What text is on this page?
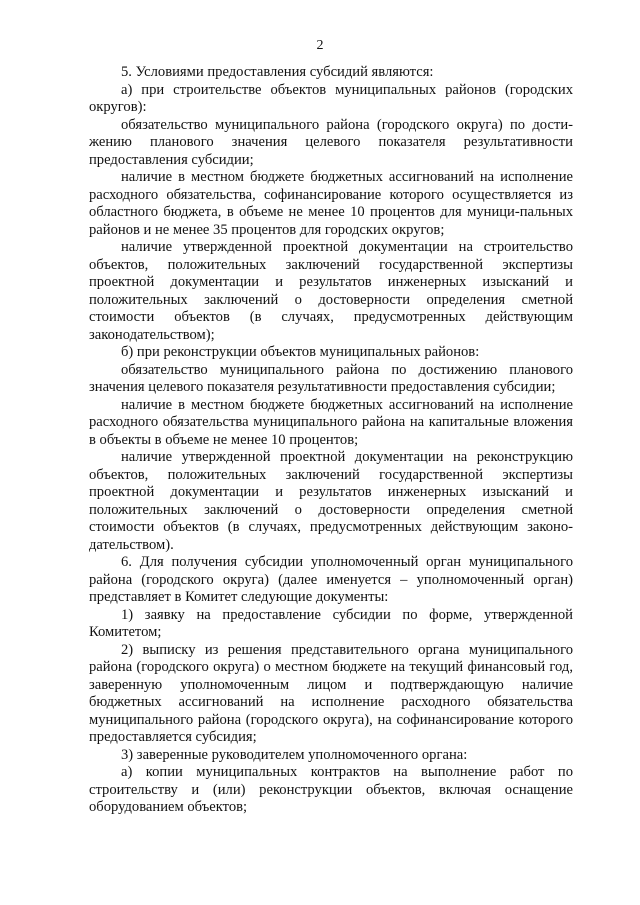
2

5. Условиями предоставления субсидий являются:

а) при строительстве объектов муниципальных районов (городских округов):

обязательство муниципального района (городского округа) по дости-жению планового значения целевого показателя результативности предоставления субсидии;

наличие в местном бюджете бюджетных ассигнований на исполнение расходного обязательства, софинансирование которого осуществляется из областного бюджета, в объеме не менее 10 процентов для муници-пальных районов и не менее 35 процентов для городских округов;

наличие утвержденной проектной документации на строительство объектов, положительных заключений государственной экспертизы проектной документации и результатов инженерных изысканий и положительных заключений о достоверности определения сметной стоимости объектов (в случаях, предусмотренных действующим законодательством);

б) при реконструкции объектов муниципальных районов:

обязательство муниципального района по достижению планового значения целевого показателя результативности предоставления субсидии;

наличие в местном бюджете бюджетных ассигнований на исполнение расходного обязательства муниципального района на капитальные вложения в объекты в объеме не менее 10 процентов;

наличие утвержденной проектной документации на реконструкцию объектов, положительных заключений государственной экспертизы проектной документации и результатов инженерных изысканий и положительных заключений о достоверности определения сметной стоимости объектов (в случаях, предусмотренных действующим законо-дательством).

6. Для получения субсидии уполномоченный орган муниципального района (городского округа) (далее именуется – уполномоченный орган) представляет в Комитет следующие документы:

1) заявку на предоставление субсидии по форме, утвержденной Комитетом;

2) выписку из решения представительного органа муниципального района (городского округа) о местном бюджете на текущий финансовый год, заверенную уполномоченным лицом и подтверждающую наличие бюджетных ассигнований на исполнение расходного обязательства муниципального района (городского округа), на софинансирование которого предоставляется субсидия;

3) заверенные руководителем уполномоченного органа:

а) копии муниципальных контрактов на выполнение работ по строительству и (или) реконструкции объектов, включая оснащение оборудованием объектов;
